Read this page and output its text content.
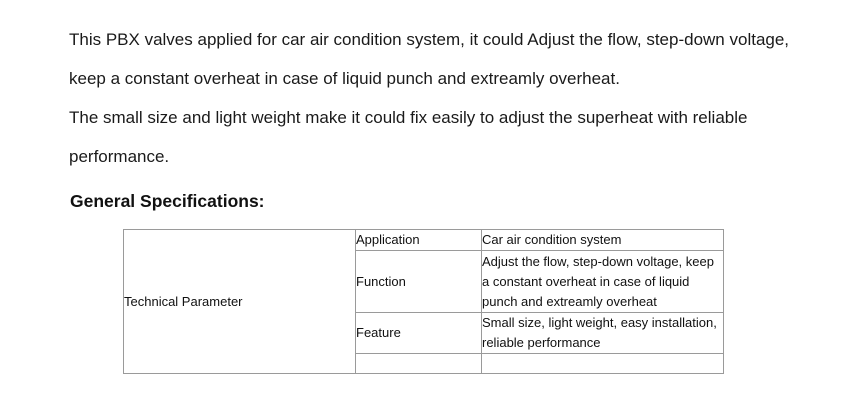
This PBX valves applied for car air condition system, it could Adjust the flow, step-down voltage, keep a constant overheat in case of liquid punch and extreamly overheat.

The small size and light weight make it could fix easily to adjust the superheat with reliable performance.

General Specifications:
Technical Parameter	Application	Car air condition system
	Function	Adjust the flow, step-down voltage, keep a constant overheat in case of liquid punch and extreamly overheat
	Feature	Small size, light weight, easy installation, reliable performance
